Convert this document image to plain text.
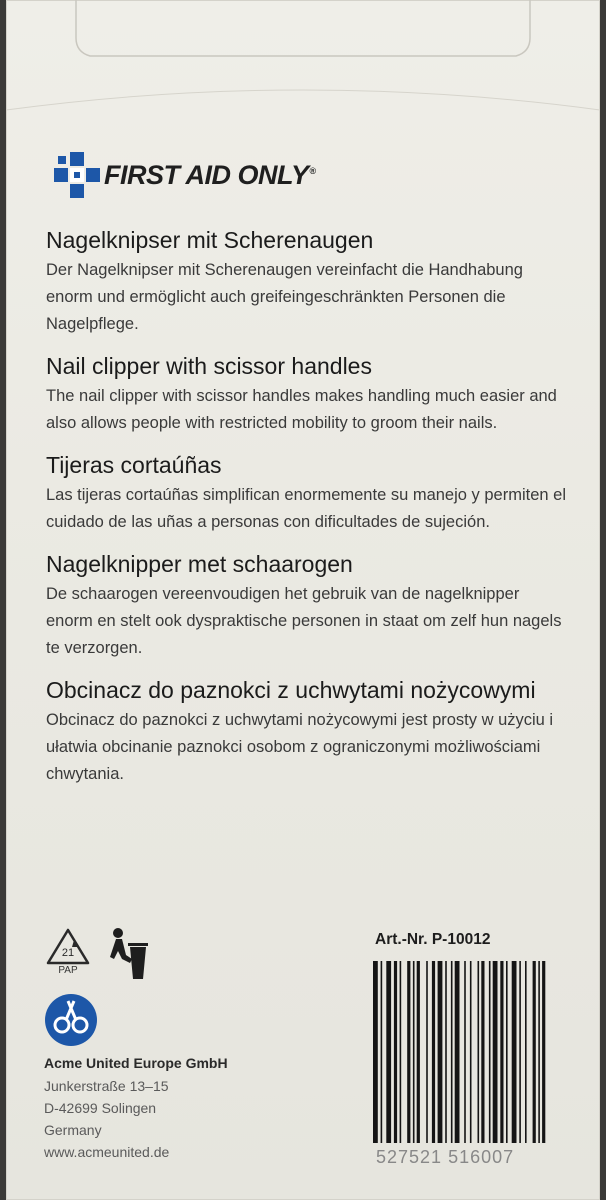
FIRST AID ONLY®
Nagelknipser mit Scherenaugen

Der Nagelknipser mit Scherenaugen vereinfacht die Handhabung enorm und ermöglicht auch greifeingeschränkten Personen die Nagelpflege.

Nail clipper with scissor handles

The nail clipper with scissor handles makes handling much easier and also allows people with restricted mobility to groom their nails.

Tijeras cortaúñas

Las tijeras cortaúñas simplifican enormemente su manejo y permiten el cuidado de las uñas a personas con dificultades de sujeción.

Nagelknipper met schaarogen

De schaarogen vereenvoudigen het gebruik van de nagelknipper enorm en stelt ook dyspraktische personen in staat om zelf hun nagels te verzorgen.

Obcinacz do paznokci z uchwytami nożycowymi

Obcinacz do paznokci z uchwytami nożycowymi jest prosty w użyciu i ułatwia obcinanie paznokci osobom z ograniczonymi możliwościami chwytania.

21
PAP
Acme United Europe GmbH
Junkerstraße 13–15
D-42699 Solingen
Germany
www.acmeunited.de
Art.-Nr. P-10012
527521 516007
